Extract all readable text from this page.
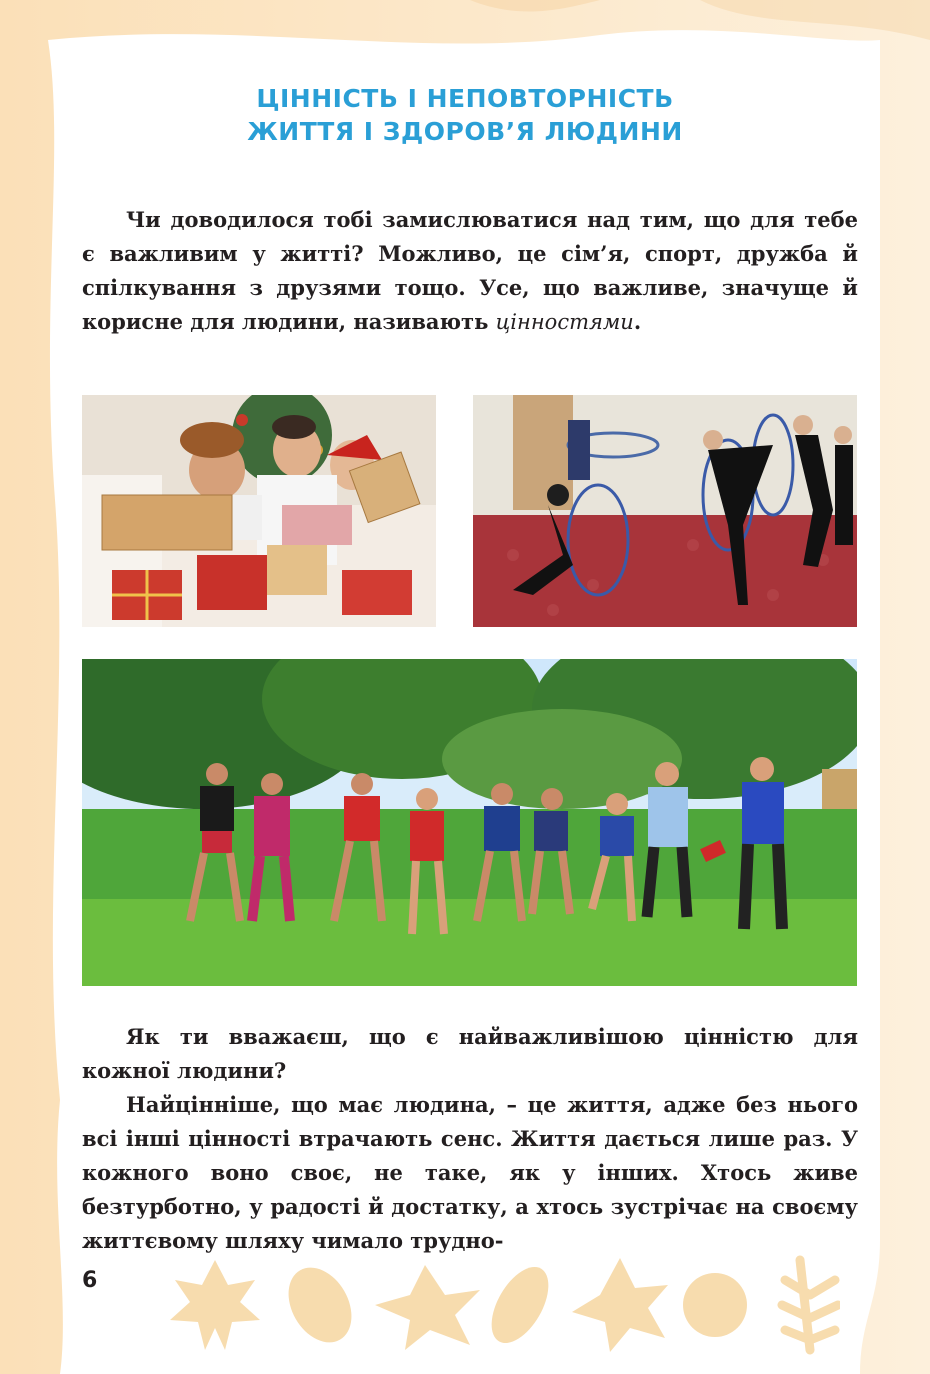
ЦІННІСТЬ І НЕПОВТОРНІСТЬ
ЖИТТЯ І ЗДОРОВ’Я ЛЮДИНИ

Чи доводилося тобі замислюватися над тим, що для тебе є важливим у житті? Можливо, це сім’я, спорт, дружба й спілкування з друзями тощо. Усе, що важливе, значуще й корисне для людини, називають цінностями.

Як ти вважаєш, що є найважливішою цінністю для кожної людини?

Найцінніше, що має людина, – це життя, адже без нього всі інші цінності втрачають сенс. Життя дається лише раз. У кожного воно своє, не таке, як у інших. Хтось живе безтурботно, у радості й достатку, а хтось зустрічає на своєму життєвому шляху чимало трудно-

6
